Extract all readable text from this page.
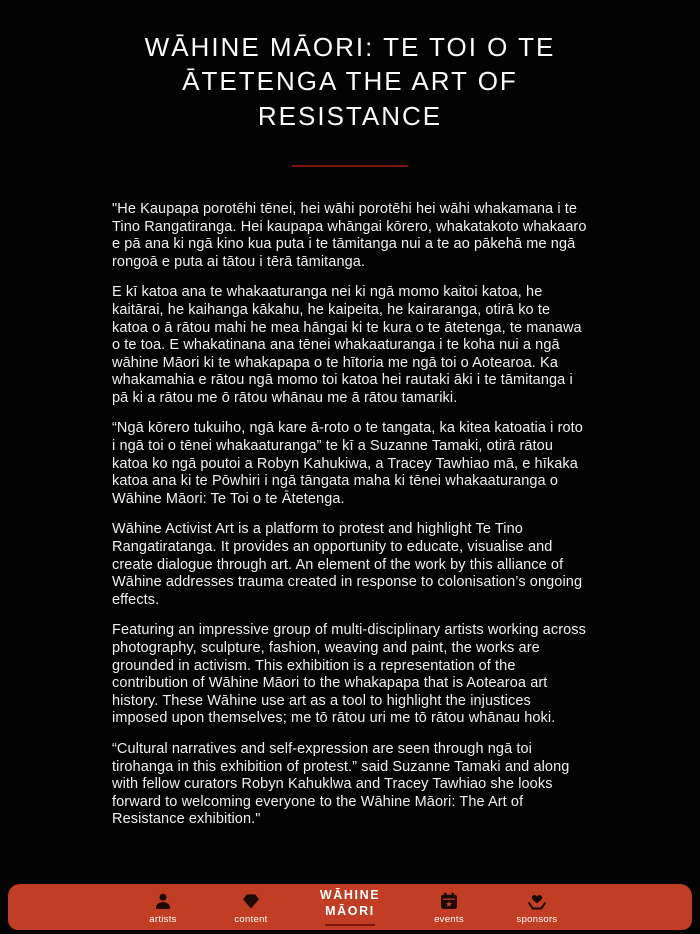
WĀHINE MĀORI: TE TOI O TE
ĀTETENGA THE ART OF
RESISTANCE

"He Kaupapa porotēhi tēnei, hei wāhi porotēhi hei wāhi whakamana i te Tino Rangatiranga. Hei kaupapa whāngai kōrero, whakatakoto whakaaro e pā ana ki ngā kino kua puta i te tāmitanga nui a te ao pākehā me ngā rongoā e puta ai tātou i tērā tāmitanga.

E kī katoa ana te whakaaturanga nei ki ngā momo kaitoi katoa, he kaitārai, he kaihanga kākahu, he kaipeita, he kairaranga, otirā ko te katoa o ā rātou mahi he mea hāngai ki te kura o te ātetenga, te manawa o te toa. E whakatinana ana tēnei whakaaturanga i te koha nui a ngā wāhine Māori ki te whakapapa o te hītoria me ngā toi o Aotearoa. Ka whakamahia e rātou ngā momo toi katoa hei rautaki āki i te tāmitanga i pā ki a rātou me ō rātou whānau me ā rātou tamariki.

“Ngā kōrero tukuiho, ngā kare ā-roto o te tangata, ka kitea katoatia i roto i ngā toi o tēnei whakaaturanga” te kī a Suzanne Tamaki, otirā rātou katoa ko ngā poutoi a Robyn Kahukiwa, a Tracey Tawhiao mā, e hīkaka katoa ana ki te Pōwhiri i ngā tāngata maha ki tēnei whakaaturanga o Wāhine Māori: Te Toi o te Ātetenga.

Wāhine Activist Art is a platform to protest and highlight Te Tino Rangatiratanga. It provides an opportunity to educate, visualise and create dialogue through art. An element of the work by this alliance of Wāhine addresses trauma created in response to colonisation’s ongoing effects.

Featuring an impressive group of multi-disciplinary artists working across photography, sculpture, fashion, weaving and paint, the works are grounded in activism. This exhibition is a representation of the contribution of Wāhine Māori to the whakapapa that is Aotearoa art history. These Wāhine use art as a tool to highlight the injustices imposed upon themselves; me tō rātou uri me tō rātou whānau hoki.

“Cultural narratives and self-expression are seen through ngā toi tirohanga in this exhibition of protest.” said Suzanne Tamaki and along with fellow curators Robyn Kahuklwa and Tracey Tawhiao she looks forward to welcoming everyone to the Wāhine Māori: The Art of Resistance exhibition."

artists	content
WĀHINE
MĀORI
events	sponsors
